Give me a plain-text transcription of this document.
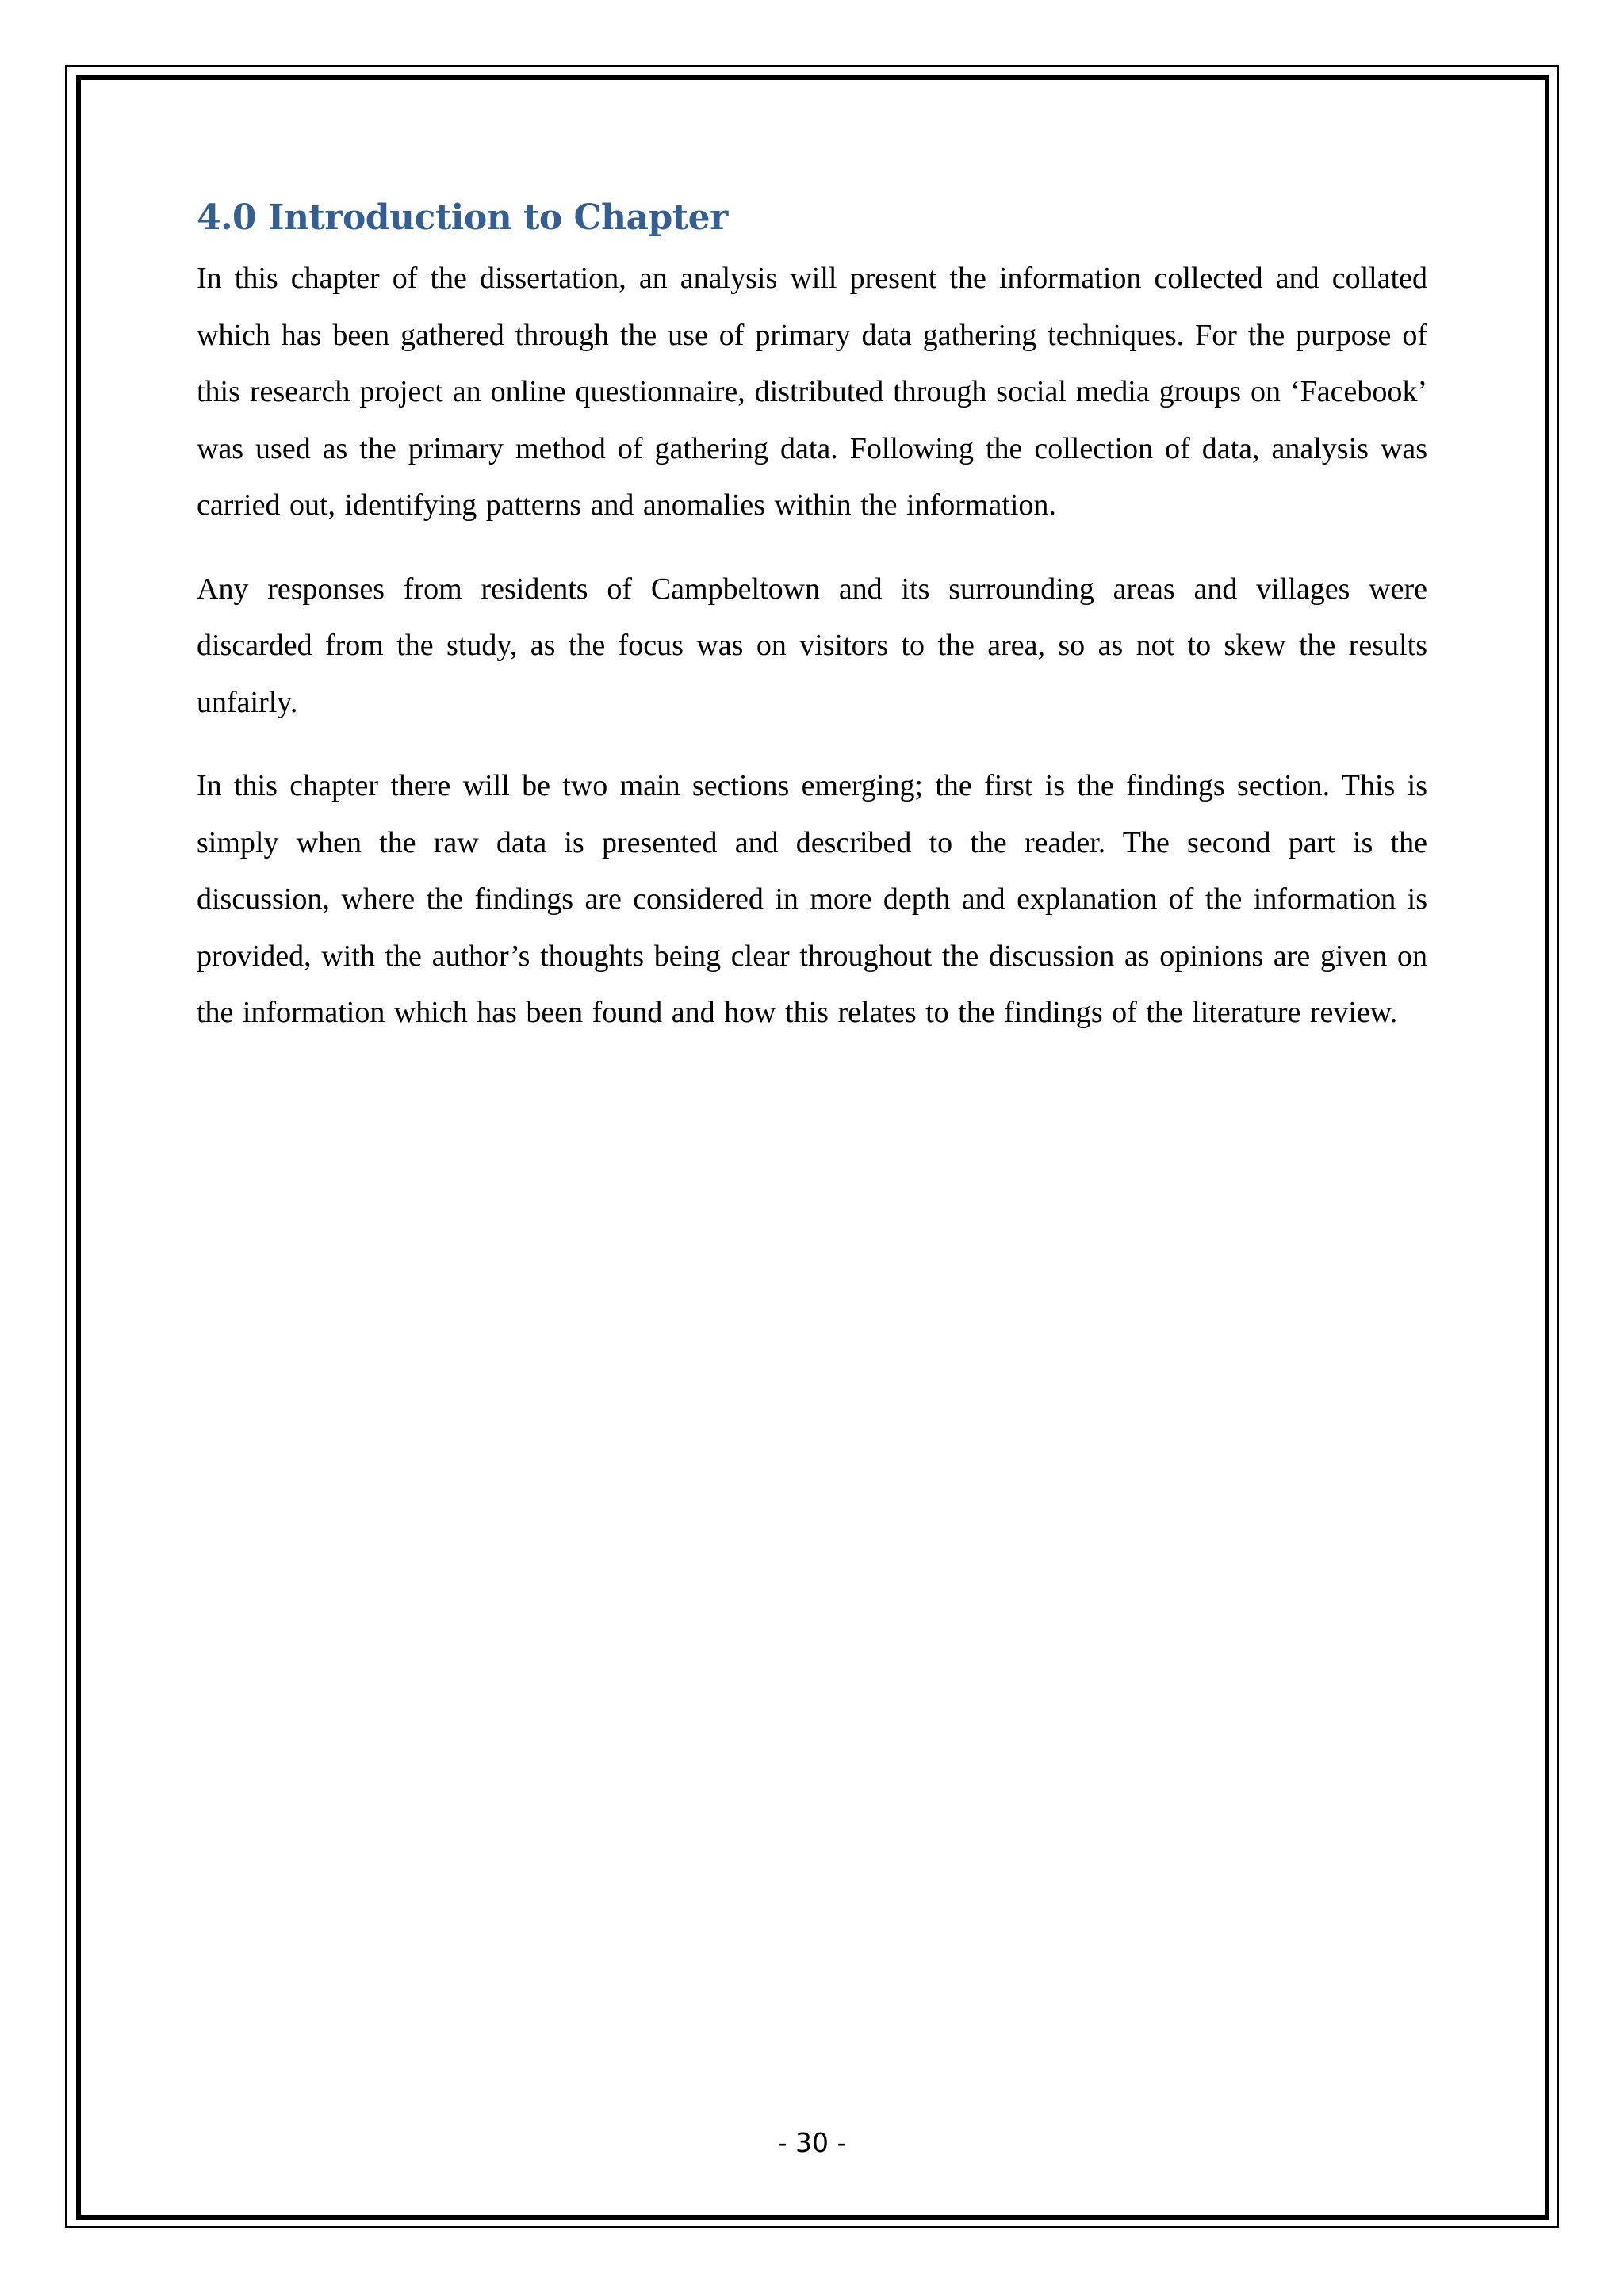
4.0 Introduction to Chapter

In this chapter of the dissertation, an analysis will present the information collected and collated which has been gathered through the use of primary data gathering techniques. For the purpose of this research project an online questionnaire, distributed through social media groups on ‘Facebook’ was used as the primary method of gathering data. Following the collection of data, analysis was carried out, identifying patterns and anomalies within the information.

Any responses from residents of Campbeltown and its surrounding areas and villages were discarded from the study, as the focus was on visitors to the area, so as not to skew the results unfairly.

In this chapter there will be two main sections emerging; the first is the findings section. This is simply when the raw data is presented and described to the reader. The second part is the discussion, where the findings are considered in more depth and explanation of the information is provided, with the author’s thoughts being clear throughout the discussion as opinions are given on the information which has been found and how this relates to the findings of the literature review.

- 30 -
